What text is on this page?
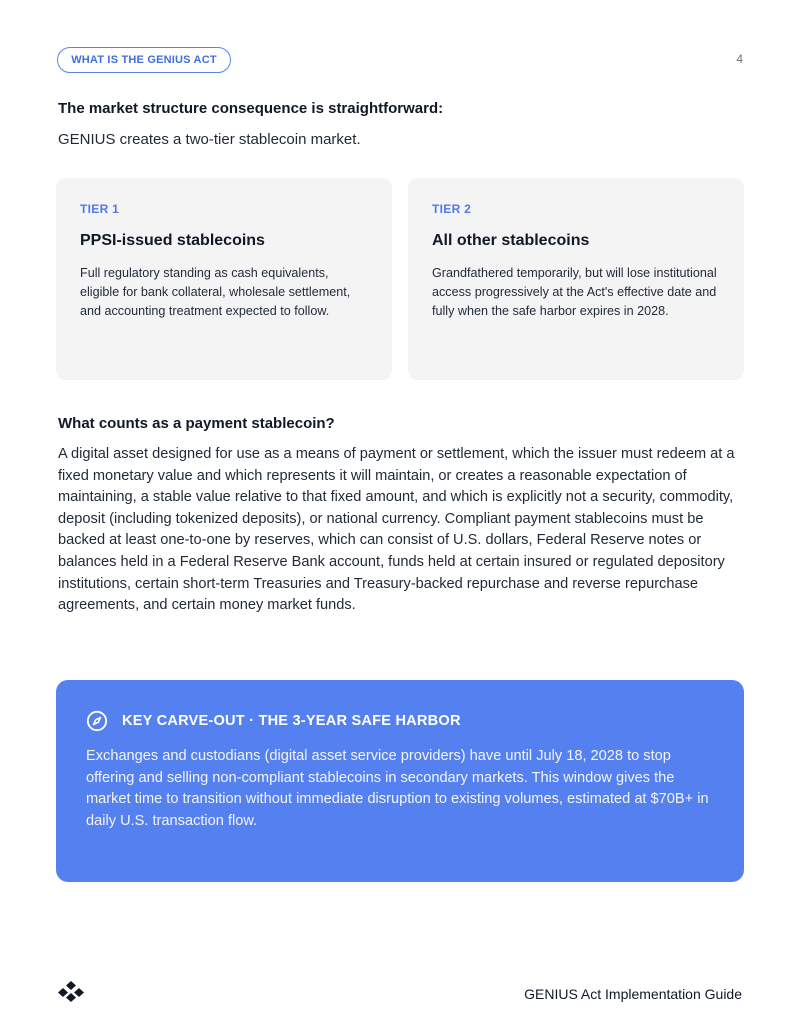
WHAT IS THE GENIUS ACT	4
The market structure consequence is straightforward:
GENIUS creates a two-tier stablecoin market.
TIER 1
PPSI-issued stablecoins
Full regulatory standing as cash equivalents, eligible for bank collateral, wholesale settlement, and accounting treatment expected to follow.
TIER 2
All other stablecoins
Grandfathered temporarily, but will lose institutional access progressively at the Act's effective date and fully when the safe harbor expires in 2028.
What counts as a payment stablecoin?
A digital asset designed for use as a means of payment or settlement, which the issuer must redeem at a fixed monetary value and which represents it will maintain, or creates a reasonable expectation of maintaining, a stable value relative to that fixed amount, and which is explicitly not a security, commodity, deposit (including tokenized deposits), or national currency. Compliant payment stablecoins must be backed at least one-to-one by reserves, which can consist of U.S. dollars, Federal Reserve notes or balances held in a Federal Reserve Bank account, funds held at certain insured or regulated depository institutions, certain short-term Treasuries and Treasury-backed repurchase and reverse repurchase agreements, and certain money market funds.
KEY CARVE-OUT · THE 3-YEAR SAFE HARBOR
Exchanges and custodians (digital asset service providers) have until July 18, 2028 to stop offering and selling non-compliant stablecoins in secondary markets. This window gives the market time to transition without immediate disruption to existing volumes, estimated at $70B+ in daily U.S. transaction flow.
GENIUS Act Implementation Guide
